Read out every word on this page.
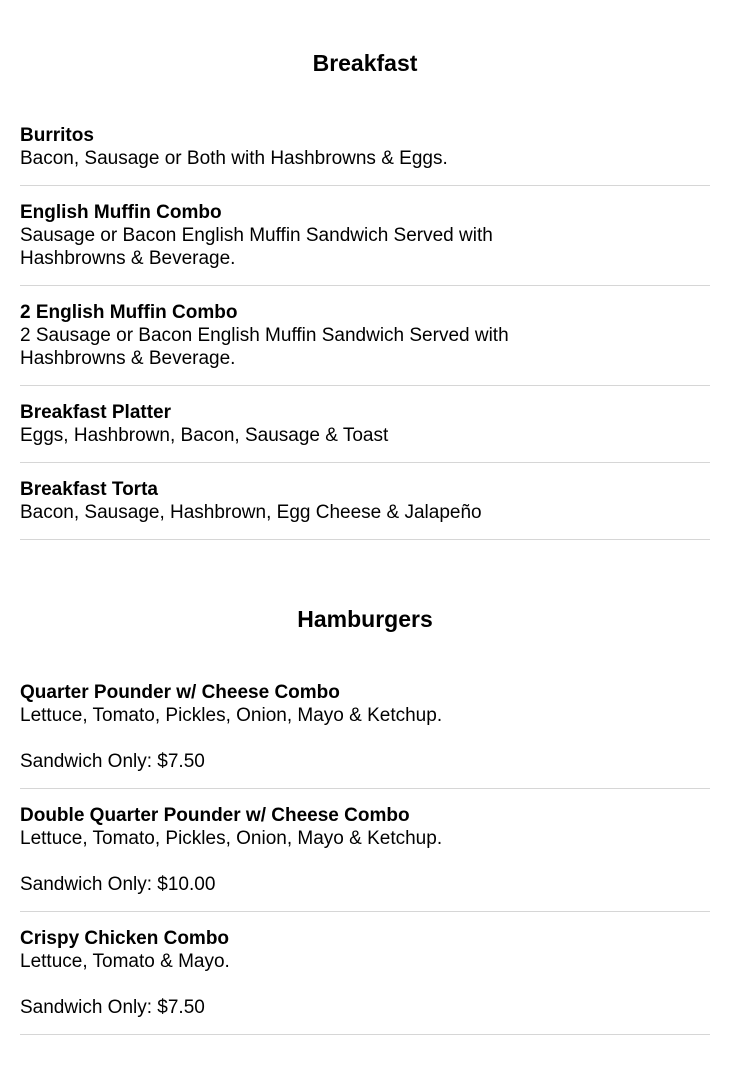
Breakfast
Burritos
Bacon, Sausage or Both with Hashbrowns & Eggs.
English Muffin Combo
Sausage or Bacon English Muffin Sandwich Served with Hashbrowns & Beverage.
2 English Muffin Combo
2 Sausage or Bacon English Muffin Sandwich Served with Hashbrowns & Beverage.
Breakfast Platter
Eggs, Hashbrown, Bacon, Sausage & Toast
Breakfast Torta
Bacon, Sausage, Hashbrown, Egg Cheese & Jalapeño
Hamburgers
Quarter Pounder w/ Cheese Combo
Lettuce, Tomato, Pickles, Onion, Mayo & Ketchup.
Sandwich Only: $7.50
Double Quarter Pounder w/ Cheese Combo
Lettuce, Tomato, Pickles, Onion, Mayo & Ketchup.
Sandwich Only: $10.00
Crispy Chicken Combo
Lettuce, Tomato & Mayo.
Sandwich Only: $7.50
